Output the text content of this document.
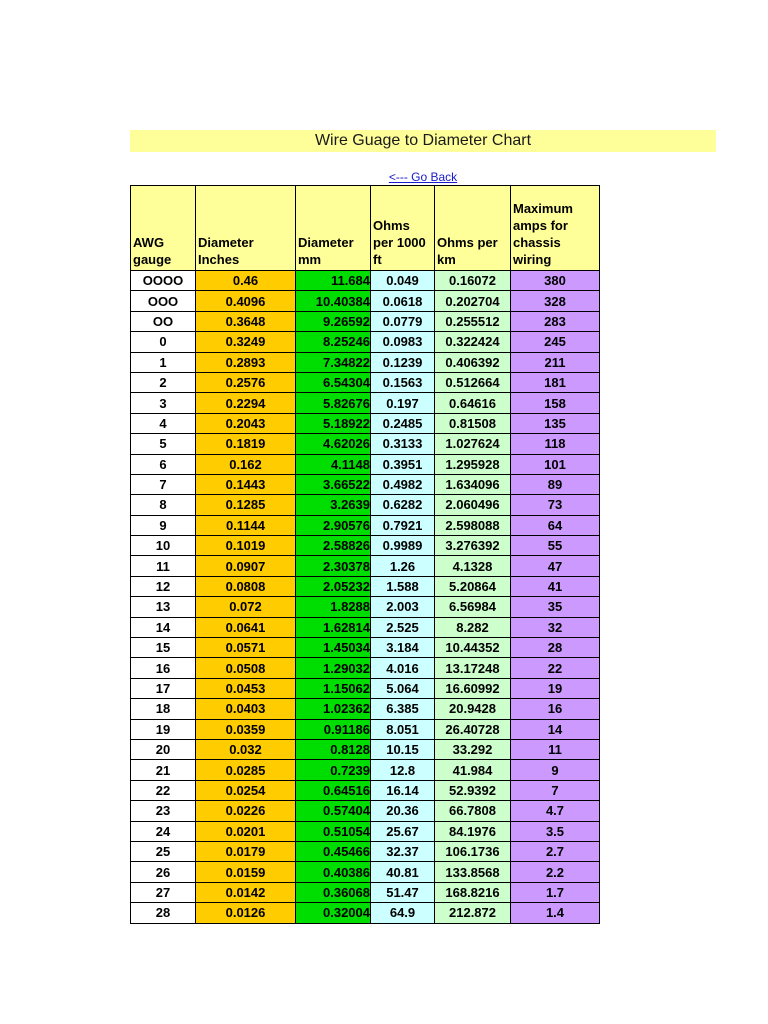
Wire Guage to Diameter Chart
<--- Go Back
AWG gauge	Diameter Inches	Diameter mm	Ohms per 1000 ft	Ohms per km	Maximum amps for chassis wiring
OOOO	0.46	11.684	0.049	0.16072	380
OOO	0.4096	10.40384	0.0618	0.202704	328
OO	0.3648	9.26592	0.0779	0.255512	283
0	0.3249	8.25246	0.0983	0.322424	245
1	0.2893	7.34822	0.1239	0.406392	211
2	0.2576	6.54304	0.1563	0.512664	181
3	0.2294	5.82676	0.197	0.64616	158
4	0.2043	5.18922	0.2485	0.81508	135
5	0.1819	4.62026	0.3133	1.027624	118
6	0.162	4.1148	0.3951	1.295928	101
7	0.1443	3.66522	0.4982	1.634096	89
8	0.1285	3.2639	0.6282	2.060496	73
9	0.1144	2.90576	0.7921	2.598088	64
10	0.1019	2.58826	0.9989	3.276392	55
11	0.0907	2.30378	1.26	4.1328	47
12	0.0808	2.05232	1.588	5.20864	41
13	0.072	1.8288	2.003	6.56984	35
14	0.0641	1.62814	2.525	8.282	32
15	0.0571	1.45034	3.184	10.44352	28
16	0.0508	1.29032	4.016	13.17248	22
17	0.0453	1.15062	5.064	16.60992	19
18	0.0403	1.02362	6.385	20.9428	16
19	0.0359	0.91186	8.051	26.40728	14
20	0.032	0.8128	10.15	33.292	11
21	0.0285	0.7239	12.8	41.984	9
22	0.0254	0.64516	16.14	52.9392	7
23	0.0226	0.57404	20.36	66.7808	4.7
24	0.0201	0.51054	25.67	84.1976	3.5
25	0.0179	0.45466	32.37	106.1736	2.7
26	0.0159	0.40386	40.81	133.8568	2.2
27	0.0142	0.36068	51.47	168.8216	1.7
28	0.0126	0.32004	64.9	212.872	1.4
